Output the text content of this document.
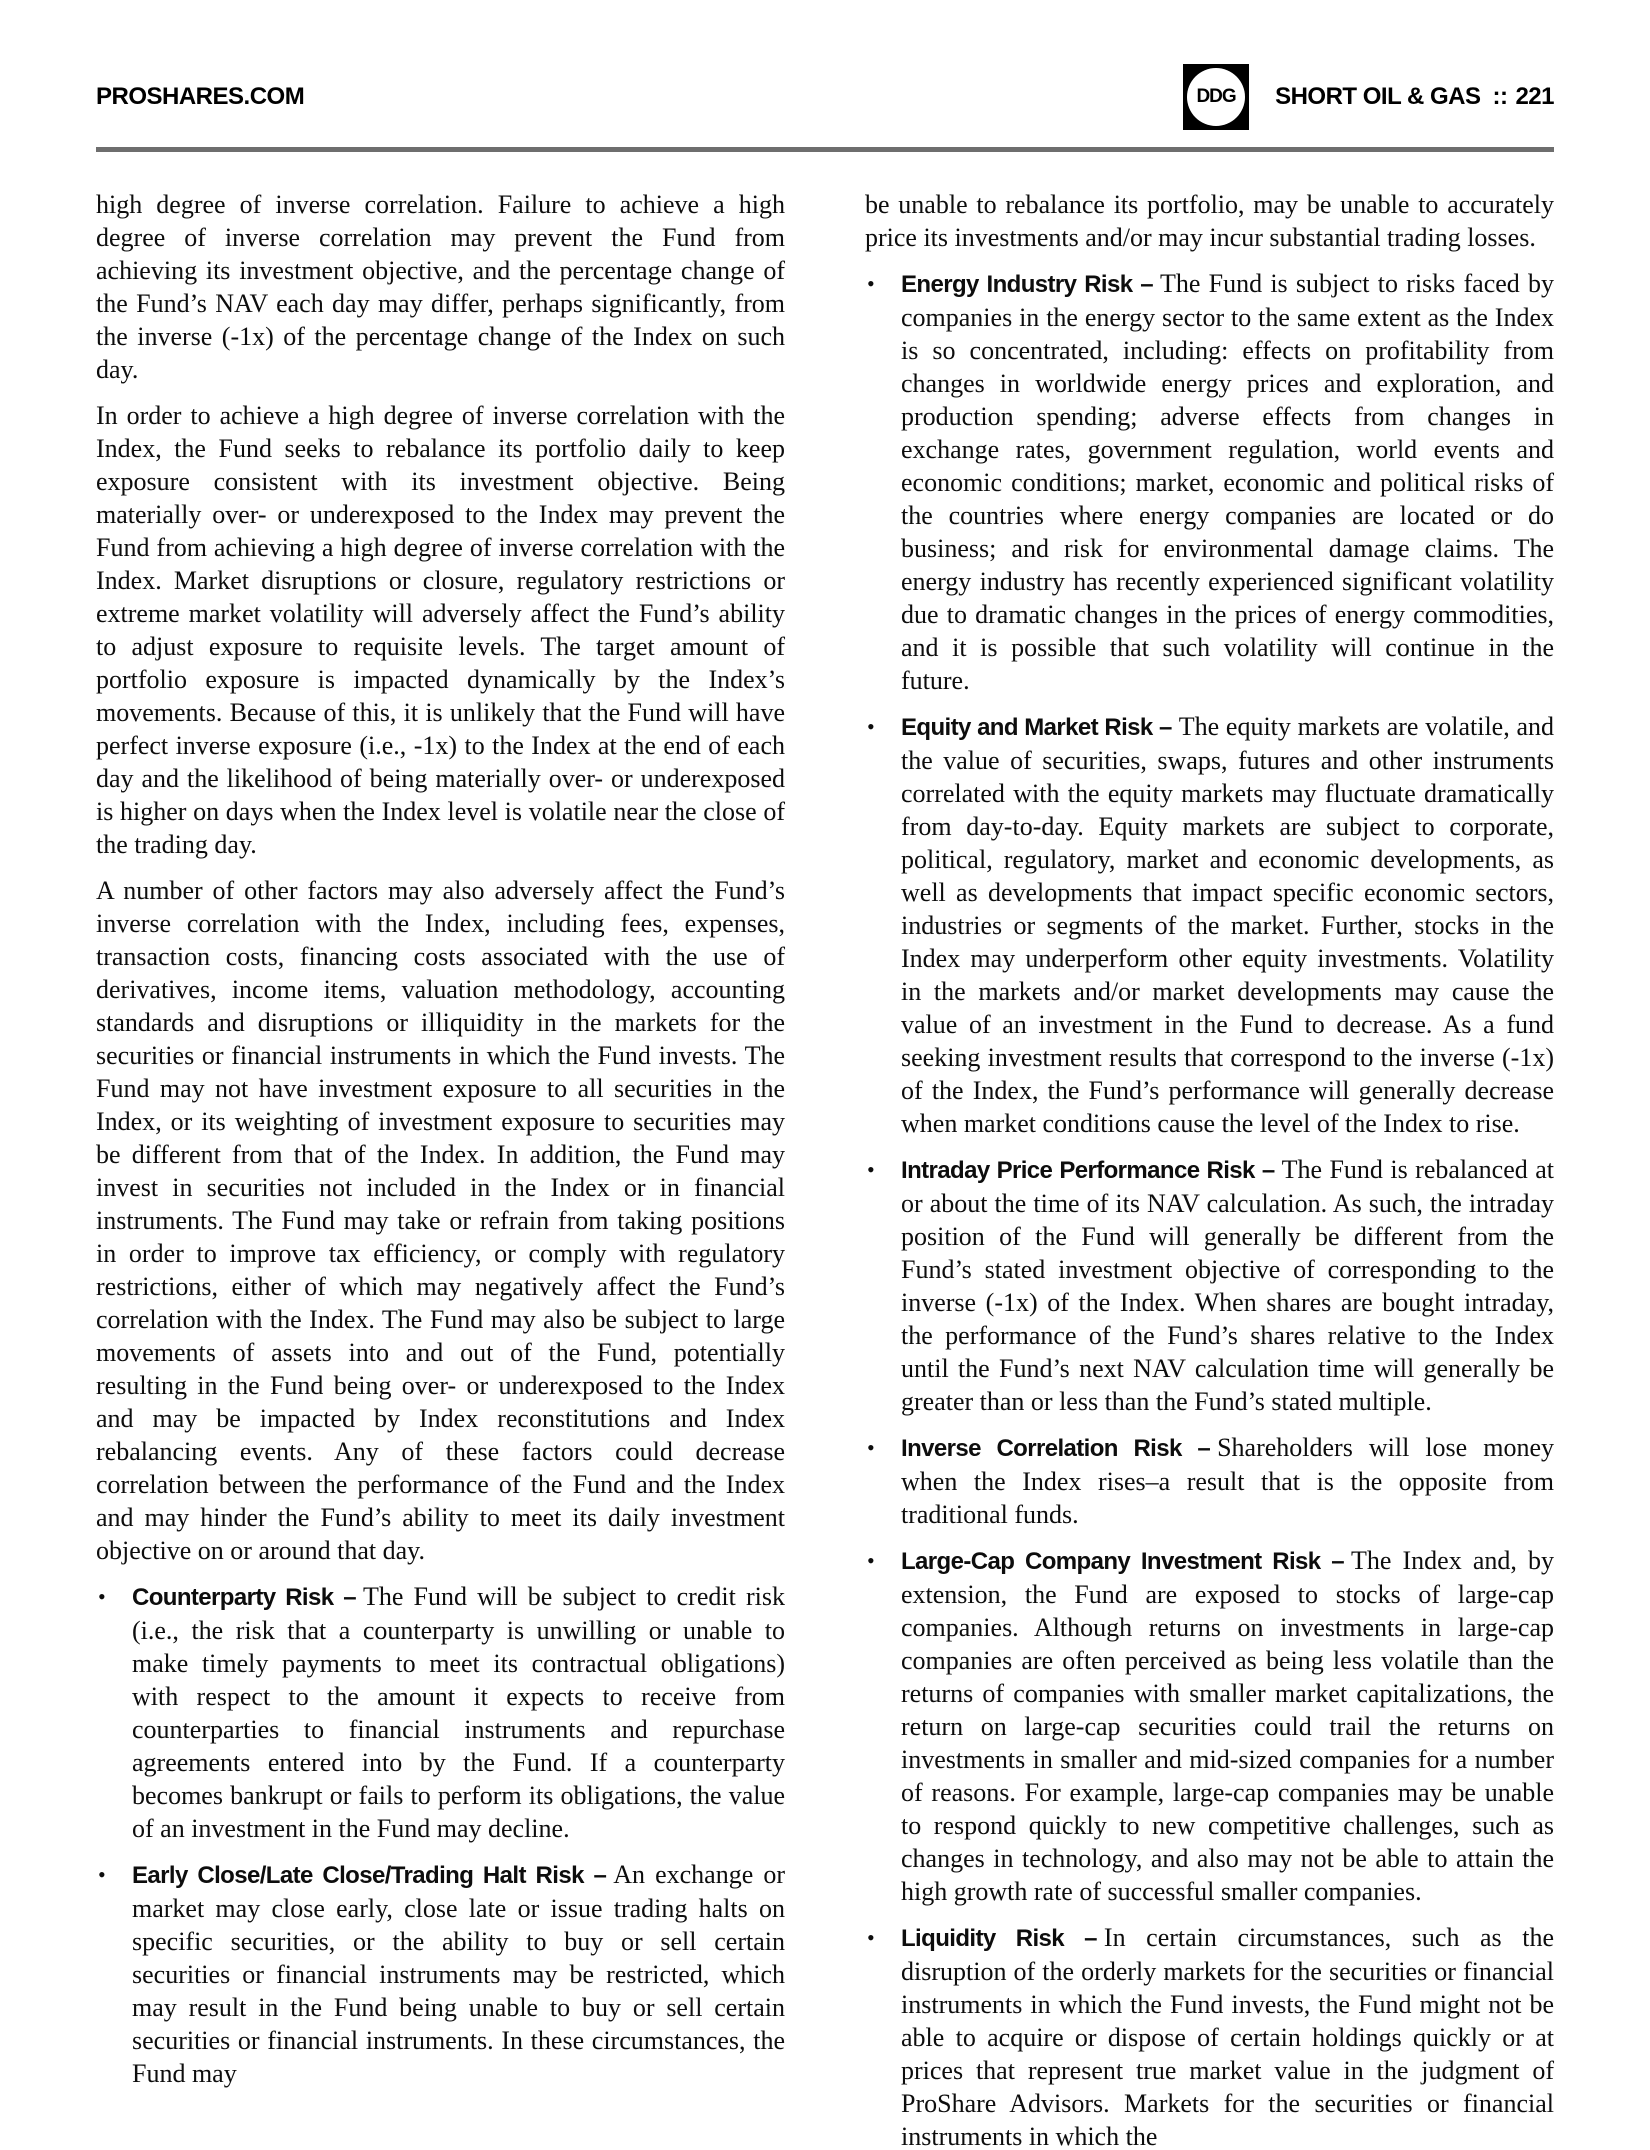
PROSHARES.COM	DDG SHORT OIL & GAS :: 221

high degree of inverse correlation. Failure to achieve a high degree of inverse correlation may prevent the Fund from achieving its investment objective, and the percentage change of the Fund’s NAV each day may differ, perhaps significantly, from the inverse (-1x) of the percentage change of the Index on such day.

In order to achieve a high degree of inverse correlation with the Index, the Fund seeks to rebalance its portfolio daily to keep exposure consistent with its investment objective. Being materially over- or underexposed to the Index may prevent the Fund from achieving a high degree of inverse correlation with the Index. Market disruptions or closure, regulatory restrictions or extreme market volatility will adversely affect the Fund’s ability to adjust exposure to requisite levels. The target amount of portfolio exposure is impacted dynamically by the Index’s movements. Because of this, it is unlikely that the Fund will have perfect inverse exposure (i.e., -1x) to the Index at the end of each day and the likelihood of being materially over- or underexposed is higher on days when the Index level is volatile near the close of the trading day.

A number of other factors may also adversely affect the Fund’s inverse correlation with the Index, including fees, expenses, transaction costs, financing costs associated with the use of derivatives, income items, valuation methodology, accounting standards and disruptions or illiquidity in the markets for the securities or financial instruments in which the Fund invests. The Fund may not have investment exposure to all securities in the Index, or its weighting of investment exposure to securities may be different from that of the Index. In addition, the Fund may invest in securities not included in the Index or in financial instruments. The Fund may take or refrain from taking positions in order to improve tax efficiency, or comply with regulatory restrictions, either of which may negatively affect the Fund’s correlation with the Index. The Fund may also be subject to large movements of assets into and out of the Fund, potentially resulting in the Fund being over- or underexposed to the Index and may be impacted by Index reconstitutions and Index rebalancing events. Any of these factors could decrease correlation between the performance of the Fund and the Index and may hinder the Fund’s ability to meet its daily investment objective on or around that day.

•	Counterparty Risk – The Fund will be subject to credit risk (i.e., the risk that a counterparty is unwilling or unable to make timely payments to meet its contractual obligations) with respect to the amount it expects to receive from counterparties to financial instruments and repurchase agreements entered into by the Fund. If a counterparty becomes bankrupt or fails to perform its obligations, the value of an investment in the Fund may decline.

•	Early Close/Late Close/Trading Halt Risk – An exchange or market may close early, close late or issue trading halts on specific securities, or the ability to buy or sell certain securities or financial instruments may be restricted, which may result in the Fund being unable to buy or sell certain securities or financial instruments. In these circumstances, the Fund may

be unable to rebalance its portfolio, may be unable to accurately price its investments and/or may incur substantial trading losses.

•	Energy Industry Risk – The Fund is subject to risks faced by companies in the energy sector to the same extent as the Index is so concentrated, including: effects on profitability from changes in worldwide energy prices and exploration, and production spending; adverse effects from changes in exchange rates, government regulation, world events and economic conditions; market, economic and political risks of the countries where energy companies are located or do business; and risk for environmental damage claims. The energy industry has recently experienced significant volatility due to dramatic changes in the prices of energy commodities, and it is possible that such volatility will continue in the future.

•	Equity and Market Risk – The equity markets are volatile, and the value of securities, swaps, futures and other instruments correlated with the equity markets may fluctuate dramatically from day-to-day. Equity markets are subject to corporate, political, regulatory, market and economic developments, as well as developments that impact specific economic sectors, industries or segments of the market. Further, stocks in the Index may underperform other equity investments. Volatility in the markets and/or market developments may cause the value of an investment in the Fund to decrease. As a fund seeking investment results that correspond to the inverse (-1x) of the Index, the Fund’s performance will generally decrease when market conditions cause the level of the Index to rise.

•	Intraday Price Performance Risk – The Fund is rebalanced at or about the time of its NAV calculation. As such, the intraday position of the Fund will generally be different from the Fund’s stated investment objective of corresponding to the inverse (-1x) of the Index. When shares are bought intraday, the performance of the Fund’s shares relative to the Index until the Fund’s next NAV calculation time will generally be greater than or less than the Fund’s stated multiple.

•	Inverse Correlation Risk – Shareholders will lose money when the Index rises–a result that is the opposite from traditional funds.

•	Large-Cap Company Investment Risk – The Index and, by extension, the Fund are exposed to stocks of large-cap companies. Although returns on investments in large-cap companies are often perceived as being less volatile than the returns of companies with smaller market capitalizations, the return on large-cap securities could trail the returns on investments in smaller and mid-sized companies for a number of reasons. For example, large-cap companies may be unable to respond quickly to new competitive challenges, such as changes in technology, and also may not be able to attain the high growth rate of successful smaller companies.

•	Liquidity Risk – In certain circumstances, such as the disruption of the orderly markets for the securities or financial instruments in which the Fund invests, the Fund might not be able to acquire or dispose of certain holdings quickly or at prices that represent true market value in the judgment of ProShare Advisors. Markets for the securities or financial instruments in which the
